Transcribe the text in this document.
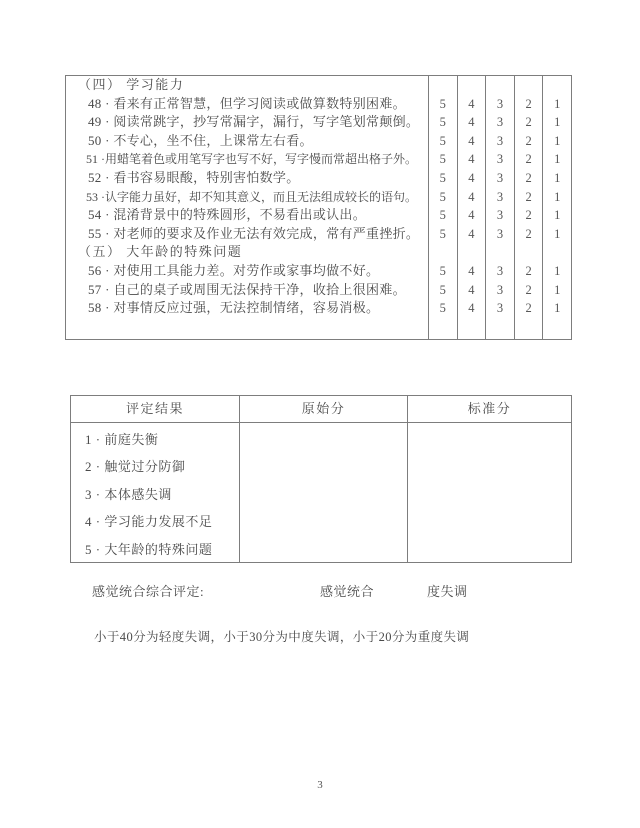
（四） 学习能力
48 · 看来有正常智慧，但学习阅读或做算数特别困难。	5	4	3	2	1
49 · 阅读常跳字，抄写常漏字，漏行，写字笔划常颠倒。	5	4	3	2	1
50 · 不专心，坐不住，上课常左右看。	5	4	3	2	1
51 ·用蜡笔着色或用笔写字也写不好，写字慢而常超出格子外。	5	4	3	2	1
52 · 看书容易眼酸，特别害怕数学。	5	4	3	2	1
53 ·认字能力虽好，却不知其意义，而且无法组成较长的语句。	5	4	3	2	1
54 · 混淆背景中的特殊圆形，不易看出或认出。	5	4	3	2	1
55 · 对老师的要求及作业无法有效完成，常有严重挫折。	5	4	3	2	1
（五） 大年龄的特殊问题
56 · 对使用工具能力差。对劳作或家事均做不好。	5	4	3	2	1
57 · 自己的桌子或周围无法保持干净，收拾上很困难。	5	4	3	2	1
58 · 对事情反应过强，无法控制情绪，容易消极。	5	4	3	2	1
评定结果	原始分	标准分
1 · 前庭失衡
2 · 触觉过分防御
3 · 本体感失调
4 · 学习能力发展不足
5 · 大年龄的特殊问题
感觉统合综合评定:	感觉统合	度失调
小于40分为轻度失调，小于30分为中度失调，小于20分为重度失调
3
